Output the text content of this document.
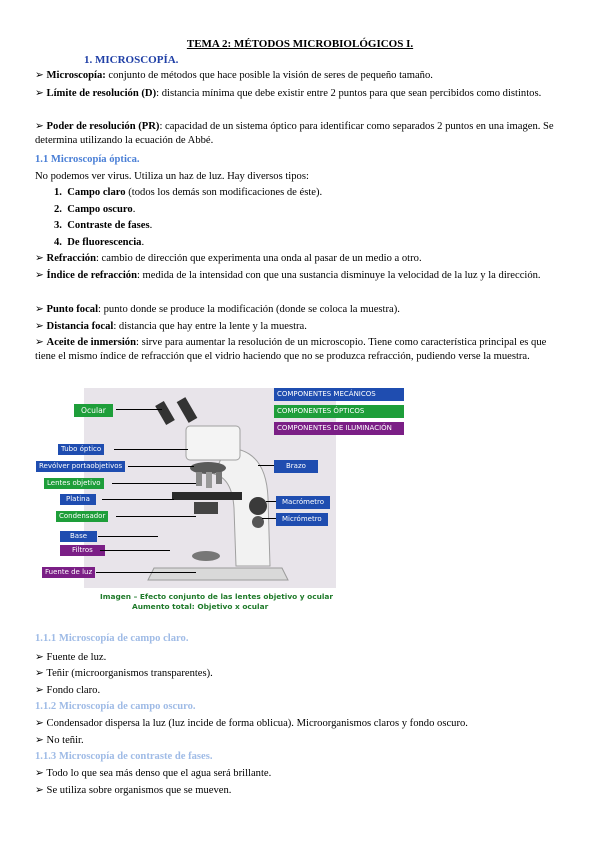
TEMA 2: MÉTODOS MICROBIOLÓGICOS I.
1. MICROSCOPÍA.
➢ Microscopía: conjunto de métodos que hace posible la visión de seres de pequeño tamaño.
➢ Límite de resolución (D): distancia mínima que debe existir entre 2 puntos para que sean percibidos como distintos.
➢ Poder de resolución (PR): capacidad de un sistema óptico para identificar como separados 2 puntos en una imagen. Se determina utilizando la ecuación de Abbé.
1.1 Microscopía óptica.
No podemos ver virus. Utiliza un haz de luz. Hay diversos tipos:
1. Campo claro (todos los demás son modificaciones de éste).
2. Campo oscuro.
3. Contraste de fases.
4. De fluorescencia.
➢ Refracción: cambio de dirección que experimenta una onda al pasar de un medio a otro.
➢ Índice de refracción: medida de la intensidad con que una sustancia disminuye la velocidad de la luz y la dirección.
➢ Punto focal: punto donde se produce la modificación (donde se coloca la muestra).
➢ Distancia focal: distancia que hay entre la lente y la muestra.
➢ Aceite de inmersión: sirve para aumentar la resolución de un microscopio. Tiene como característica principal es que tiene el mismo índice de refracción que el vidrio haciendo que no se produzca refracción, pudiendo verse la muestra.
Ocular
Tubo óptico
Revólver portaobjetivos
Lentes objetivo
Platina
Condensador
Base
Filtros
Fuente de luz
COMPONENTES MECÁNICOS
COMPONENTES ÓPTICOS
COMPONENTES DE ILUMINACIÓN
Brazo
Macrómetro
Micrómetro
Imagen – Efecto conjunto de las lentes objetivo y ocular
Aumento total: Objetivo x ocular
1.1.1 Microscopía de campo claro.
➢ Fuente de luz.
➢ Teñir (microorganismos transparentes).
➢ Fondo claro.
1.1.2 Microscopía de campo oscuro.
➢ Condensador dispersa la luz (luz incide de forma oblicua). Microorganismos claros y fondo oscuro.
➢ No teñir.
1.1.3 Microscopía de contraste de fases.
➢ Todo lo que sea más denso que el agua será brillante.
➢ Se utiliza sobre organismos que se mueven.
